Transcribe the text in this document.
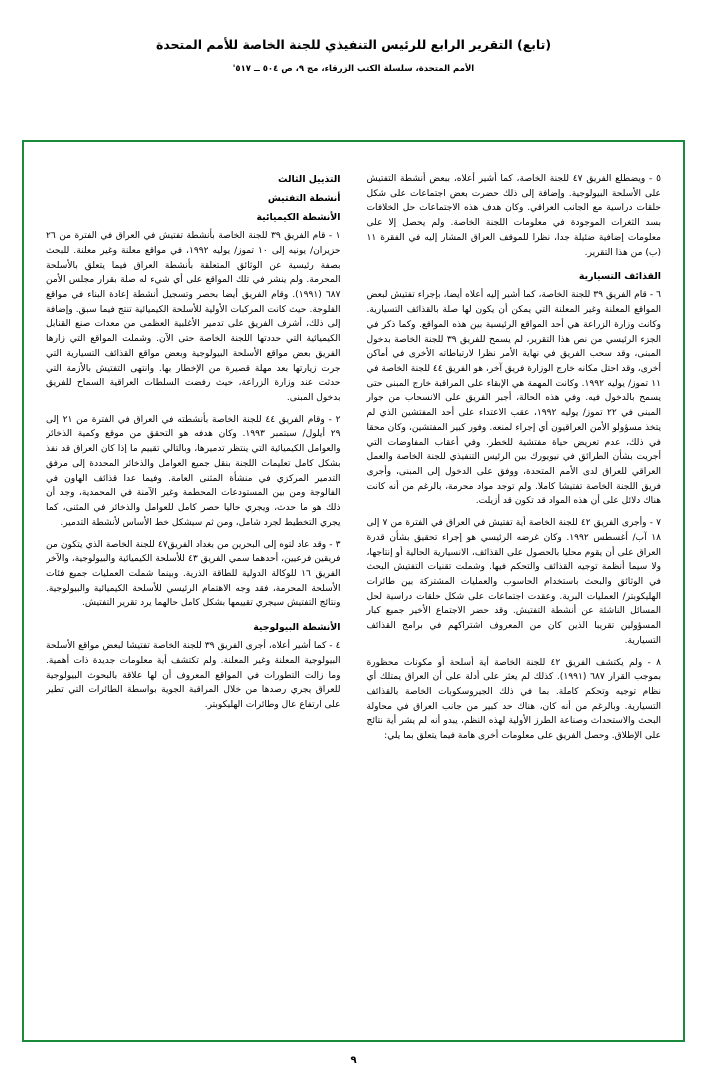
(تابع) التقرير الرابع للرئيس التنفيذي للجنة الخاصة للأمم المتحدة
الأمم المتحدة، سلسلة الكتب الزرقاء، مج ٩، ص ٥٠٤ ــ ٥١٧'

٥ - ‌ويضطلع الفريق ٤٧ للجنة الخاصة، كما أشير أعلاه، ببعض أنشطة التفتيش على الأسلحة البيولوجية. وإضافة إلى ذلك حضرت بعض اجتماعات على شكل حلقات دراسية مع الجانب العراقي. وكان هدف هذه الاجتماعات حل الخلافات بسد الثغرات الموجودة في معلومات اللجنة الخاصة. ولم يحصل إلا على معلومات إضافية ضئيلة جدا، نظرا للموقف العراق المشار إليه في الفقرة ١١ (ب) من هذا التقرير.

القذائف التسيارية

٦ - قام الفريق ٣٩ للجنة الخاصة، كما أشير إليه أعلاه أيضا، بإجراء تفتيش لبعض المواقع المعلنة وغير المعلنة التي يمكن أن يكون لها صلة بالقذائف التسيارية. وكانت وزارة الزراعة هي أحد المواقع الرئيسية بين هذه المواقع. وكما ذكر في الجزء الرئيسي من نص هذا التقرير، لم يسمح للفريق ٣٩ للجنة الخاصة بدخول المبنى، وقد سحب الفريق في نهاية الأمر نظرا لارتباطاته الأخرى في أماكن أخرى، وقد احتل مكانه خارج الوزارة فريق آخر، هو الفريق ٤٤ للجنة الخاصة في ١١ تموز/ يوليه ١٩٩٢. وكانت المهمة هي الإبقاء على المراقبة خارج المبنى حتى يسمح بالدخول فيه. وفي هذه الحالة، أجبر الفريق على الانسحاب من جوار المبنى في ٢٢ تموز/ يوليه ١٩٩٢، عقب الاعتداء على أحد المفتشين الذي لم يتخذ مسؤولو الأمن العراقيون أي إجراء لمنعه. وفور كبير المفتشين، وكان محقا في ذلك، عدم تعريض حياة مفتشية للخطر. وفي أعقاب المفاوضات التي أجريت بشأن الطرائق في نيويورك بين الرئيس التنفيذي للجنة الخاصة والعمل العراقي للعراق لدى الأمم المتحدة، ووفق على الدخول إلى المبنى، وأجرى فريق اللجنة الخاصة تفتيشا كاملا. ولم توجد مواد محرمة، بالرغم من أنه كانت هناك دلائل على أن هذه المواد قد تكون قد أزيلت.

٧ - وأجرى الفريق ٤٢ للجنة الخاصة أية تفتيش في العراق في الفترة من ٧ إلى ١٨ آب/ أغسطس ١٩٩٢. وكان غرضه الرئيسي هو إجراء تحقيق بشأن قدرة العراق على أن يقوم محليا بالحصول على القذائف، الانسيارية الحالية أو إنتاجها، ولا سيما أنظمة توجيه القذائف والتحكم فيها. وشملت تقنيات التفتيش البحث في الوثائق والبحث باستخدام الحاسوب والعمليات المشتركة بين طائرات الهليكوبتر/ العمليات البرية. وعقدت اجتماعات على شكل حلقات دراسية لحل المسائل الناشئة عن أنشطة التفتيش. وقد حضر الاجتماع الأخير جميع كبار المسؤولين تقريبا الذين كان من المعروف اشتراكهم في برامج القذائف التسيارية.

٨ - ولم يكتشف الفريق ٤٢ للجنة الخاصة أية أسلحة أو مكونات محظورة بموجب القرار ٦٨٧ (١٩٩١). كذلك لم يعثر على أدلة على أن العراق يمتلك أي نظام توجيه وتحكم كاملة. بما في ذلك الجيروسكوبات الخاصة بالقذائف التسيارية. وبالرغم من أنه كان، هناك حد كبير من جانب العراق في محاولة البحث والاستحداث وصناعة الطرز الأولية لهذه النظم، يبدو أنه لم يشر أية نتائج على الإطلاق. وحصل الفريق على معلومات أخرى هامة فيما يتعلق بما يلي:

التذييل الثالث
أنشطة التفتيش
الأنشطة الكيميائية

١ - قام الفريق ٣٩ للجنة الخاصة بأنشطة تفتيش في العراق في الفترة من ٢٦ حزيران/ يونيه إلى ١٠ تموز/ يوليه ١٩٩٢، في مواقع معلنة وغير معلنة. للبحث بصفة رئيسية عن الوثائق المتعلقة بأنشطة العراق فيما يتعلق بالأسلحة المحرمة. ولم ينشر في تلك المواقع على أي شيء له صلة بقرار مجلس الأمن ٦٨٧ (١٩٩١). وقام الفريق أيضا بحصر وتسجيل أنشطة إعادة البناء في مواقع الفلوجة. حيث كانت المركبات الأولية للأسلحة الكيميائية تنتج فيما سبق. وإضافة إلى ذلك، أشرف الفريق على تدمير الأغلبية العظمى من معدات صنع القنابل الكيميائية التي حددتها اللجنة الخاصة حتى الآن. وشملت المواقع التي زارها الفريق بعض مواقع الأسلحة البيولوجية وبعض مواقع القذائف التسيارية التي جرت زيارتها بعد مهلة قصيرة من الإخطار بها. وانتهى التفتيش بالأزمة التي حدثت عند وزارة الزراعة، حيث رفضت السلطات العراقية السماح للفريق بدخول المبنى.

٢ - وقام الفريق ٤٤ للجنة الخاصة بأنشطته في العراق في الفترة من ٢١ إلى ٢٩ أيلول/ سبتمبر ١٩٩٣. وكان هدفه هو التحقق من موقع وكمية الذخائر والعوامل الكيميائية التي ينتظر تدميرها، وبالتالي تقييم ما إذا كان العراق قد نفذ بشكل كامل تعليمات اللجنة بنقل جميع العوامل والذخائر المحددة إلى مرفق التدمير المركزي في منشأة المثنى العامة. وفيما عدا قذائف الهاون في الفالوجة ومن بين المستودعات المحطمة وغير الآمنة في المحمدية، وجد أن ذلك هو ما حدث، ويجري حاليا حصر كامل للعوامل والذخائر في المثنى، كما يجري التخطيط لجرد شامل، ومن ثم سيشكل خط الأساس لأنشطة التدمير.

٣ - وقد عاد لتوه إلى البحرين من بغداد الفريق٤٧ للجنة الخاصة الذي يتكون من فريقين فرعيين، أحدهما سمي الفريق ٤٣ للأسلحة الكيميائية والبيولوجية، والآخر الفريق ١٦ للوكالة الدولية للطاقة الذرية. وبينما شملت العمليات جميع فئات الأسلحة المحرمة، فقد وجه الاهتمام الرئيسي للأسلحة الكيميائية والبيولوجية. ونتائج التفتيش سيجري تقييمها بشكل كامل حالهما يرد تقرير التفتيش.

الأنشطة البيولوجية

٤ - كما أشير أعلاه، أجرى الفريق ٣٩ للجنة الخاصة تفتيشا لبعض مواقع الأسلحة البيولوجية المعلنة وغير المعلنة. ولم تكتشف أية معلومات جديدة ذات أهمية. وما زالت التطورات في المواقع المعروف أن لها علاقة بالبحوث البيولوجية للعراق يجري رصدها من خلال المراقبة الجوية بواسطة الطائرات التي تطير على ارتفاع عال وطائرات الهليكوبتر.

٩
